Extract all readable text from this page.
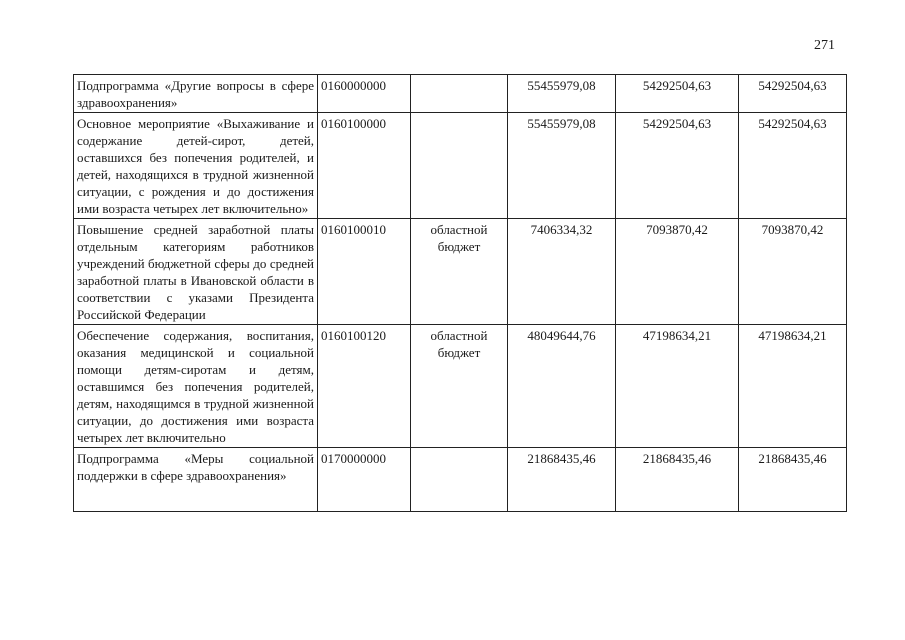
271
Подпрограмма «Другие вопросы в сфере здравоохранения»	0160000000		55455979,08	54292504,63	54292504,63
Основное мероприятие «Выхаживание и содержание детей-сирот, детей, оставшихся без попечения родителей, и детей, находящихся в трудной жизненной ситуации, с рождения и до достижения ими возраста четырех лет включительно»	0160100000		55455979,08	54292504,63	54292504,63
Повышение средней заработной платы отдельным категориям работников учреждений бюджетной сферы до средней заработной платы в Ивановской области в соответствии с указами Президента Российской Федерации	0160100010	областной бюджет	7406334,32	7093870,42	7093870,42
Обеспечение содержания, воспитания, оказания медицинской и социальной помощи детям-сиротам и детям, оставшимся без попечения родителей, детям, находящимся в трудной жизненной ситуации, до достижения ими возраста четырех лет включительно	0160100120	областной бюджет	48049644,76	47198634,21	47198634,21
Подпрограмма «Меры социальной поддержки в сфере здравоохранения»	0170000000		21868435,46	21868435,46	21868435,46
